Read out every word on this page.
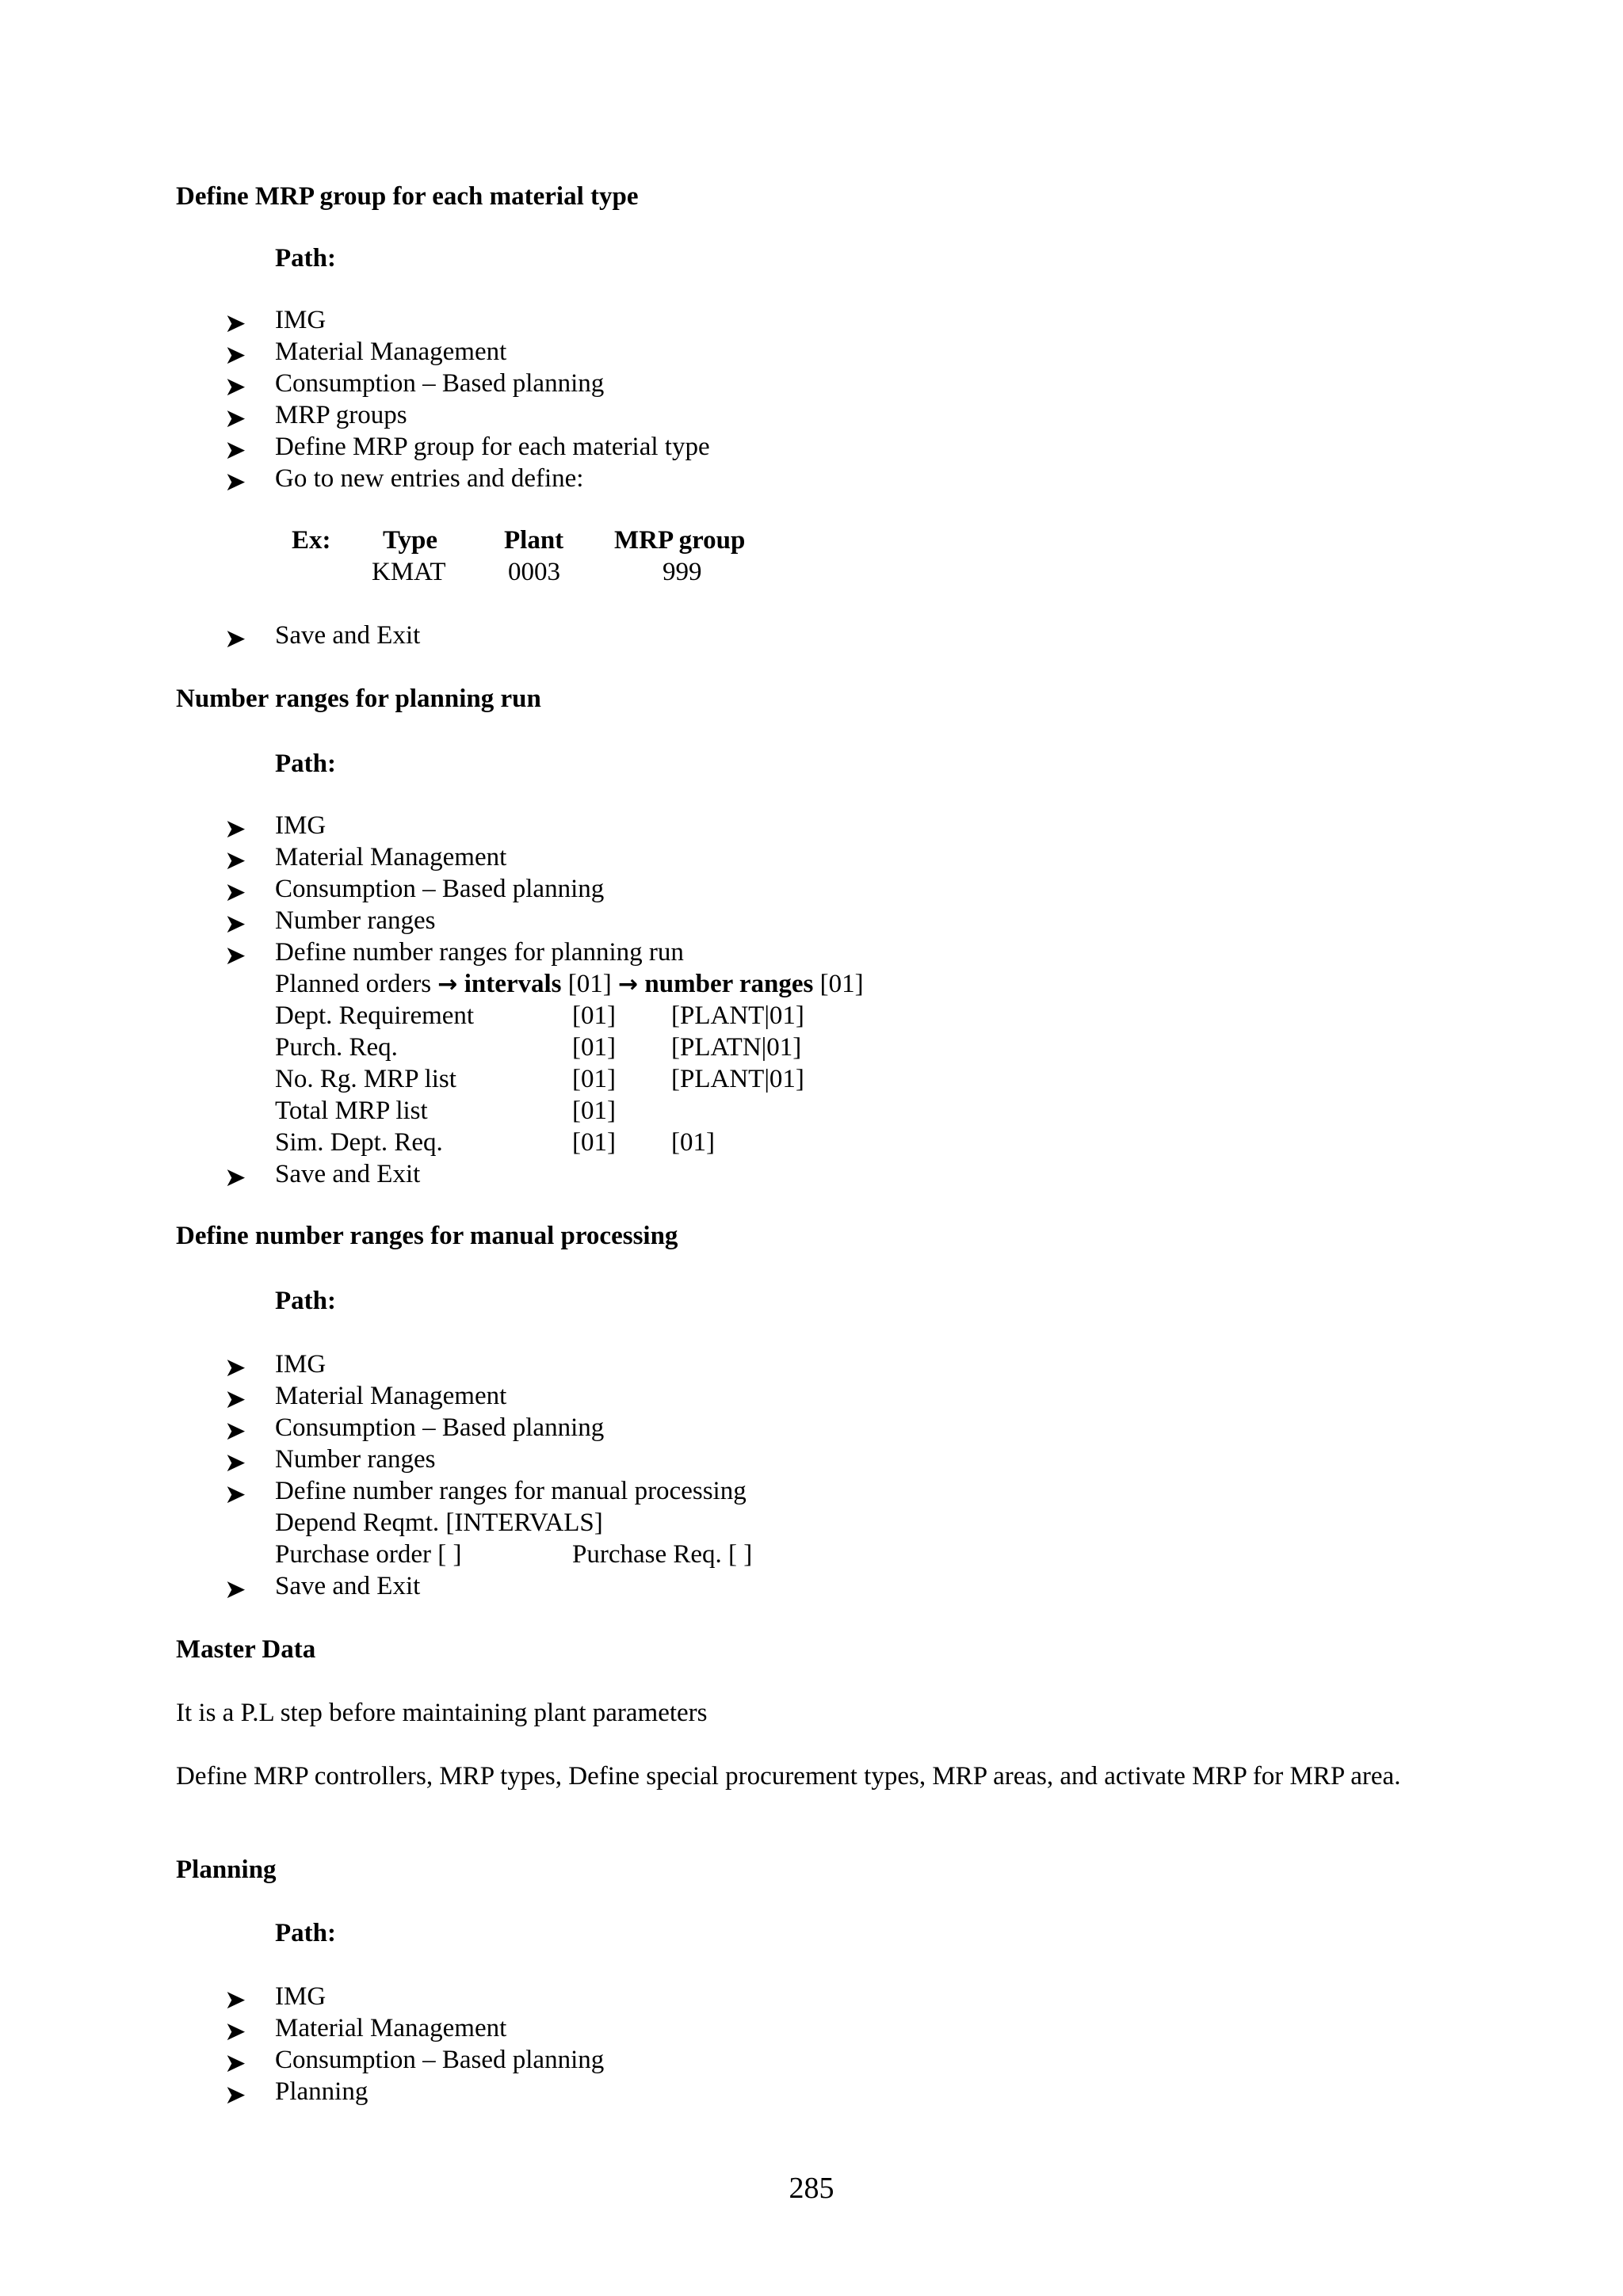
Define MRP group for each material type
Path:
➤ IMG
➤ Material Management
➤ Consumption – Based planning
➤ MRP groups
➤ Define MRP group for each material type
➤ Go to new entries and define:
Ex: Type	Plant MRP group
KMAT 0003	999
➤ Save and Exit
Number ranges for planning run
Path:
➤ IMG
➤ Material Management
➤ Consumption – Based planning
➤ Number ranges
➤ Define number ranges for planning run
Planned orders → intervals [01] → number ranges [01]
Dept. Requirement	[01] [PLANT|01]
Purch. Req.	[01] [PLATN|01]
No. Rg. MRP list	[01] [PLANT|01]
Total MRP list	[01]
Sim. Dept. Req.	[01] [01]
➤ Save and Exit
Define number ranges for manual processing
Path:
➤ IMG
➤ Material Management
➤ Consumption – Based planning
➤ Number ranges
➤ Define number ranges for manual processing
Depend Reqmt. [INTERVALS]
Purchase order [ ]	Purchase Req. [ ]
➤ Save and Exit
Master Data
It is a P.L step before maintaining plant parameters
Define MRP controllers, MRP types, Define special procurement types, MRP areas, and activate MRP for MRP area.
Planning
Path:
➤ IMG
➤ Material Management
➤ Consumption – Based planning
➤ Planning
285
